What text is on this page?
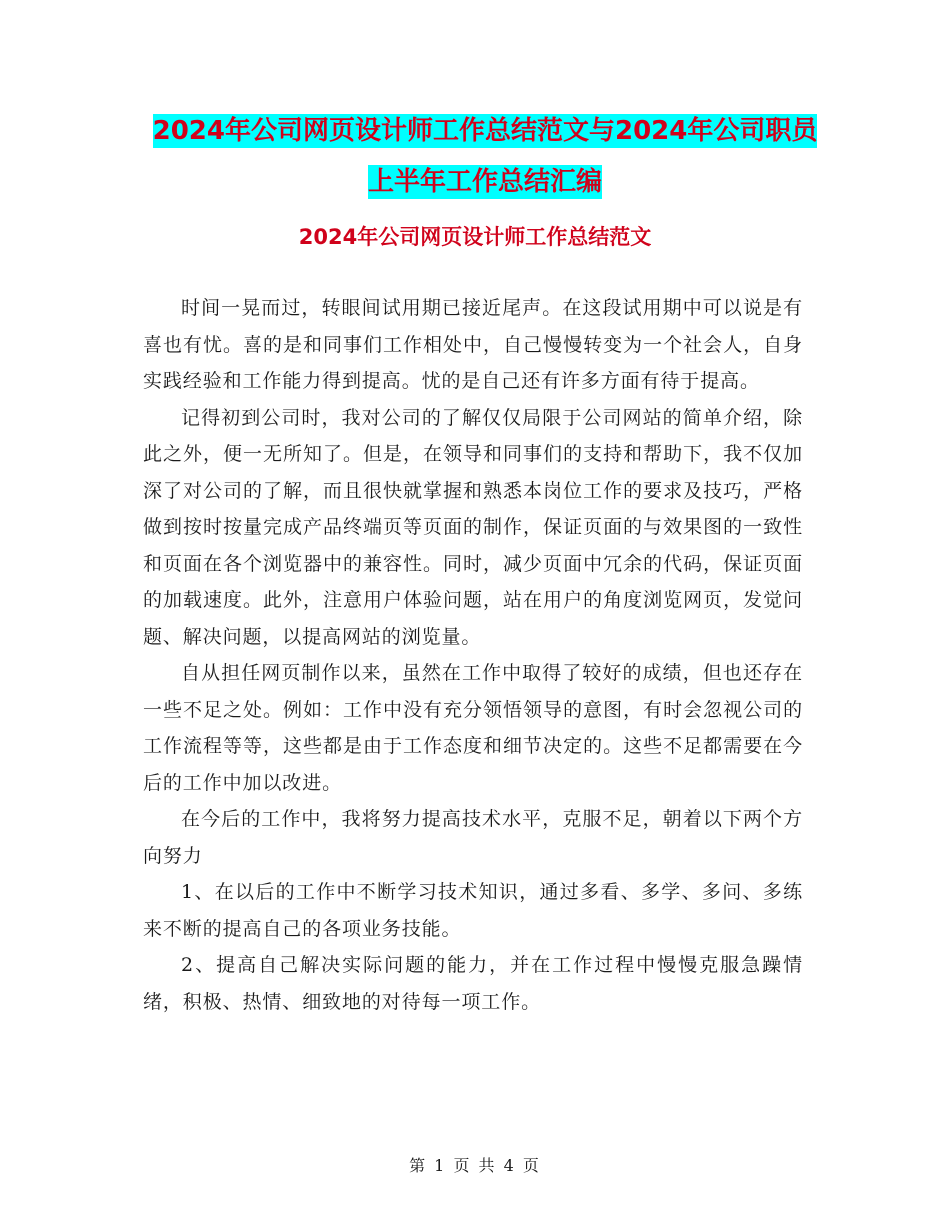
2024年公司网页设计师工作总结范文与2024年公司职员上半年工作总结汇编
2024年公司网页设计师工作总结范文

时间一晃而过，转眼间试用期已接近尾声。在这段试用期中可以说是有喜也有忧。喜的是和同事们工作相处中，自己慢慢转变为一个社会人，自身实践经验和工作能力得到提高。忧的是自己还有许多方面有待于提高。

记得初到公司时，我对公司的了解仅仅局限于公司网站的简单介绍，除此之外，便一无所知了。但是，在领导和同事们的支持和帮助下，我不仅加深了对公司的了解，而且很快就掌握和熟悉本岗位工作的要求及技巧，严格做到按时按量完成产品终端页等页面的制作，保证页面的与效果图的一致性和页面在各个浏览器中的兼容性。同时，减少页面中冗余的代码，保证页面的加载速度。此外，注意用户体验问题，站在用户的角度浏览网页，发觉问题、解决问题，以提高网站的浏览量。

自从担任网页制作以来，虽然在工作中取得了较好的成绩，但也还存在一些不足之处。例如：工作中没有充分领悟领导的意图，有时会忽视公司的工作流程等等，这些都是由于工作态度和细节决定的。这些不足都需要在今后的工作中加以改进。

在今后的工作中，我将努力提高技术水平，克服不足，朝着以下两个方向努力

1、在以后的工作中不断学习技术知识，通过多看、多学、多问、多练来不断的提高自己的各项业务技能。

2、提高自己解决实际问题的能力，并在工作过程中慢慢克服急躁情绪，积极、热情、细致地的对待每一项工作。

第 1 页 共 4 页
